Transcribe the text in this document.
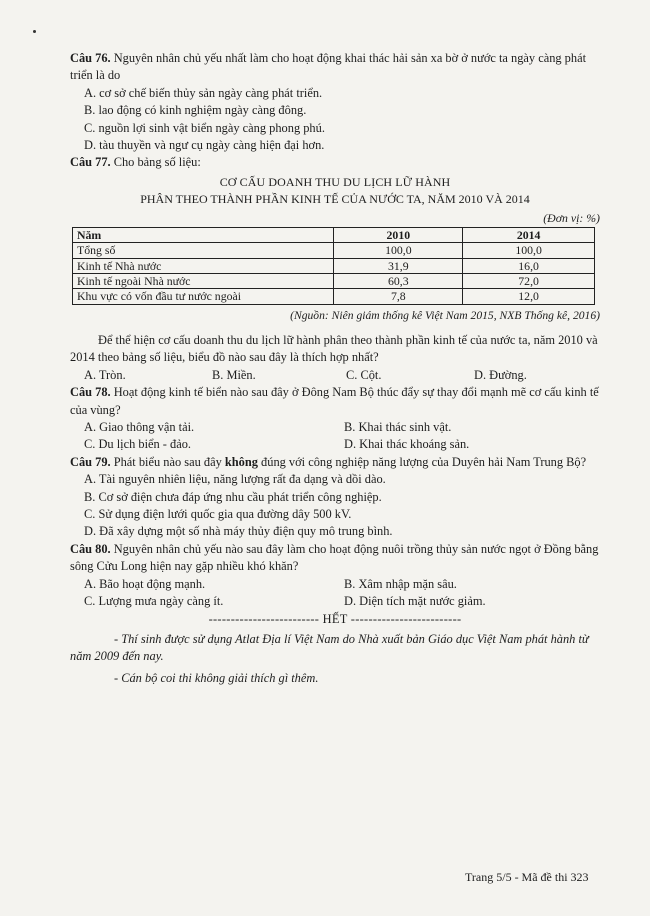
Câu 76. Nguyên nhân chủ yếu nhất làm cho hoạt động khai thác hải sản xa bờ ở nước ta ngày càng phát triển là do

A. cơ sở chế biến thủy sản ngày càng phát triển.

B. lao động có kinh nghiệm ngày càng đông.

C. nguồn lợi sinh vật biển ngày càng phong phú.

D. tàu thuyền và ngư cụ ngày càng hiện đại hơn.

Câu 77. Cho bảng số liệu:

CƠ CẤU DOANH THU DU LỊCH LỮ HÀNH

PHÂN THEO THÀNH PHẦN KINH TẾ CỦA NƯỚC TA, NĂM 2010 VÀ 2014

(Đơn vị: %)

Năm	2010	2014
Tổng số	100,0	100,0
Kinh tế Nhà nước	31,9	16,0
Kinh tế ngoài Nhà nước	60,3	72,0
Khu vực có vốn đầu tư nước ngoài	7,8	12,0

(Nguồn: Niên giám thống kê Việt Nam 2015, NXB Thống kê, 2016)

Để thể hiện cơ cấu doanh thu du lịch lữ hành phân theo thành phần kinh tế của nước ta, năm 2010 và 2014 theo bảng số liệu, biểu đồ nào sau đây là thích hợp nhất?

A. Tròn.	B. Miền.	C. Cột.	D. Đường.

Câu 78. Hoạt động kinh tế biển nào sau đây ở Đông Nam Bộ thúc đẩy sự thay đổi mạnh mẽ cơ cấu kinh tế của vùng?

A. Giao thông vận tải.	B. Khai thác sinh vật.
C. Du lịch biển - đảo.	D. Khai thác khoáng sản.

Câu 79. Phát biểu nào sau đây không đúng với công nghiệp năng lượng của Duyên hải Nam Trung Bộ?

A. Tài nguyên nhiên liệu, năng lượng rất đa dạng và dồi dào.

B. Cơ sở điện chưa đáp ứng nhu cầu phát triển công nghiệp.

C. Sử dụng điện lưới quốc gia qua đường dây 500 kV.

D. Đã xây dựng một số nhà máy thủy điện quy mô trung bình.

Câu 80. Nguyên nhân chủ yếu nào sau đây làm cho hoạt động nuôi trồng thủy sản nước ngọt ở Đồng bằng sông Cửu Long hiện nay gặp nhiều khó khăn?

A. Bão hoạt động mạnh.	B. Xâm nhập mặn sâu.
C. Lượng mưa ngày càng ít.	D. Diện tích mặt nước giảm.

------------------------- HẾT -------------------------

- Thí sinh được sử dụng Atlat Địa lí Việt Nam do Nhà xuất bản Giáo dục Việt Nam phát hành từ năm 2009 đến nay.

- Cán bộ coi thi không giải thích gì thêm.

Trang 5/5 - Mã đề thi 323
